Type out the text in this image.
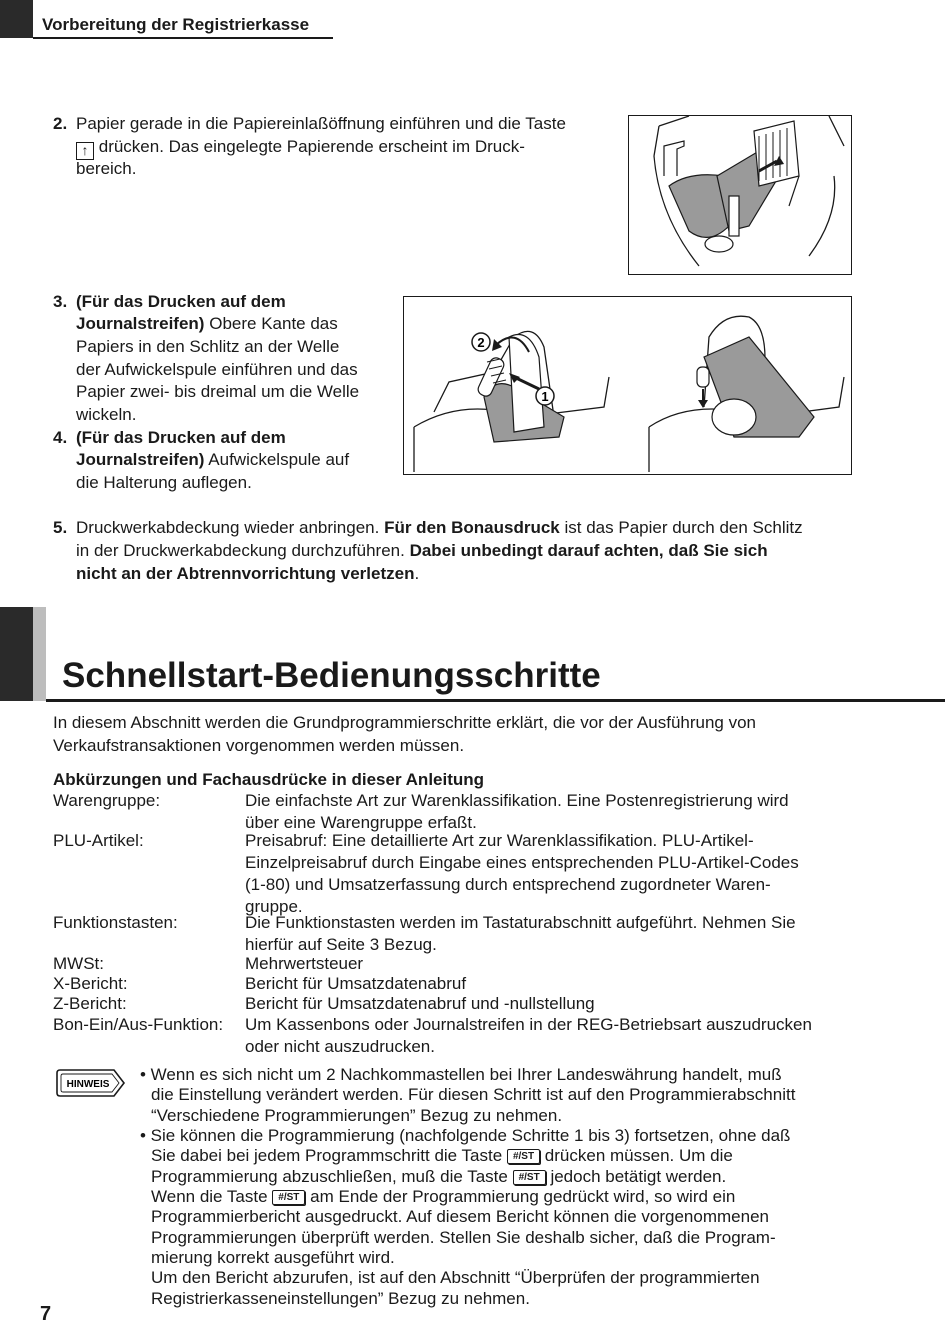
Vorbereitung der Registrierkasse
2. Papier gerade in die Papiereinlaßöffnung einführen und die Taste
↑ drücken. Das eingelegte Papierende erscheint im Druck-
bereich.
3. (Für das Drucken auf dem
Journalstreifen) Obere Kante das
Papiers in den Schlitz an der Welle
der Aufwickelspule einführen und das
Papier zwei- bis dreimal um die Welle
wickeln.
4. (Für das Drucken auf dem
Journalstreifen) Aufwickelspule auf
die Halterung auflegen.
2
1
5. Druckwerkabdeckung wieder anbringen. Für den Bonausdruck ist das Papier durch den Schlitz
in der Druckwerkabdeckung durchzuführen. Dabei unbedingt darauf achten, daß Sie sich
nicht an der Abtrennvorrichtung verletzen.
Schnellstart-Bedienungsschritte
In diesem Abschnitt werden die Grundprogrammierschritte erklärt, die vor der Ausführung von
Verkaufstransaktionen vorgenommen werden müssen.
Abkürzungen und Fachausdrücke in dieser Anleitung
Warengruppe:	Die einfachste Art zur Warenklassifikation. Eine Postenregistrierung wird
über eine Warengruppe erfaßt.
PLU-Artikel:	Preisabruf: Eine detaillierte Art zur Warenklassifikation. PLU-Artikel-
Einzelpreisabruf durch Eingabe eines entsprechenden PLU-Artikel-Codes
(1-80) und Umsatzerfassung durch entsprechend zugordneter Waren-
gruppe.
Funktionstasten:	Die Funktionstasten werden im Tastaturabschnitt aufgeführt. Nehmen Sie
hierfür auf Seite 3 Bezug.
MWSt:	Mehrwertsteuer
X-Bericht:	Bericht für Umsatzdatenabruf
Z-Bericht:	Bericht für Umsatzdatenabruf und -nullstellung
Bon-Ein/Aus-Funktion: Um Kassenbons oder Journalstreifen in der REG-Betriebsart auszudrucken
oder nicht auszudrucken.
HINWEIS
• Wenn es sich nicht um 2 Nachkommastellen bei Ihrer Landeswährung handelt, muß
die Einstellung verändert werden. Für diesen Schritt ist auf den Programmierabschnitt
“Verschiedene Programmierungen” Bezug zu nehmen.
• Sie können die Programmierung (nachfolgende Schritte 1 bis 3) fortsetzen, ohne daß
Sie dabei bei jedem Programmschritt die Taste #/ST drücken müssen. Um die
Programmierung abzuschließen, muß die Taste #/ST jedoch betätigt werden.
Wenn die Taste #/ST am Ende der Programmierung gedrückt wird, so wird ein
Programmierbericht ausgedruckt. Auf diesem Bericht können die vorgenommenen
Programmierungen überprüft werden. Stellen Sie deshalb sicher, daß die Program-
mierung korrekt ausgeführt wird.
Um den Bericht abzurufen, ist auf den Abschnitt “Überprüfen der programmierten
Registrierkasseneinstellungen” Bezug zu nehmen.
7
